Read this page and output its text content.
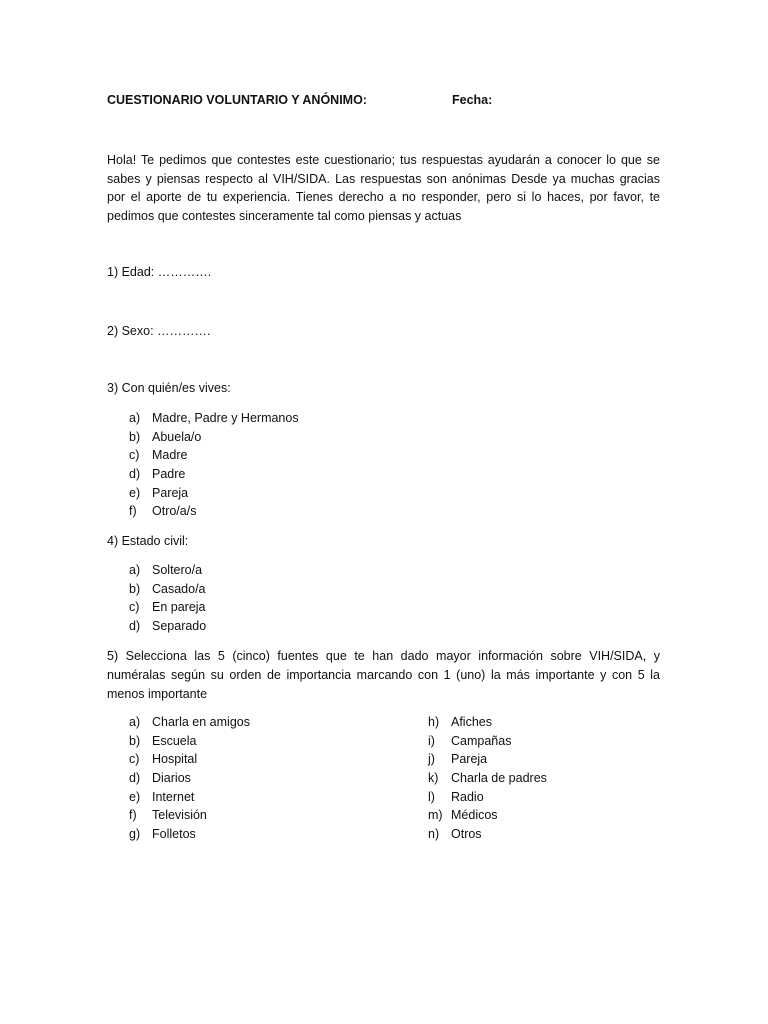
CUESTIONARIO VOLUNTARIO Y ANÓNIMO:	Fecha:
Hola! Te pedimos que contestes este cuestionario; tus respuestas ayudarán a conocer lo que se sabes y piensas respecto al VIH/SIDA. Las respuestas son anónimas Desde ya muchas gracias por el aporte de tu experiencia. Tienes derecho a no responder, pero si lo haces, por favor, te pedimos que contestes sinceramente tal como piensas y actuas
1) Edad: ………….
2) Sexo: ………….
3) Con quién/es vives:
a) Madre, Padre y Hermanos
b) Abuela/o
c) Madre
d) Padre
e) Pareja
f) Otro/a/s
4) Estado civil:
a) Soltero/a
b) Casado/a
c) En pareja
d) Separado
5) Selecciona las 5 (cinco) fuentes que te han dado mayor información sobre VIH/SIDA, y numéralas según su orden de importancia marcando con 1 (uno) la más importante y con 5 la menos importante
a) Charla en amigos
b) Escuela
c) Hospital
d) Diarios
e) Internet
f) Televisión
g) Folletos
h) Afiches
i) Campañas
j) Pareja
k) Charla de padres
l) Radio
m) Médicos
n) Otros
